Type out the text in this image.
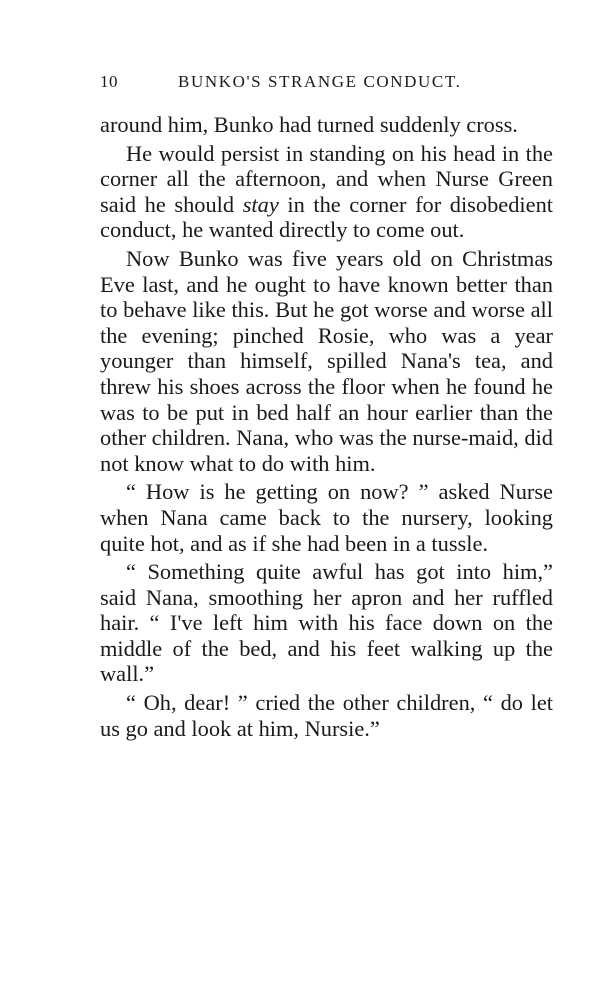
10	BUNKO'S STRANGE CONDUCT.

around him, Bunko had turned suddenly cross.

He would persist in standing on his head in the corner all the afternoon, and when Nurse Green said he should stay in the corner for disobedient conduct, he wanted directly to come out.

Now Bunko was five years old on Christmas Eve last, and he ought to have known better than to behave like this. But he got worse and worse all the evening; pinched Rosie, who was a year younger than himself, spilled Nana's tea, and threw his shoes across the floor when he found he was to be put in bed half an hour earlier than the other children. Nana, who was the nurse-maid, did not know what to do with him.

“ How is he getting on now? ” asked Nurse when Nana came back to the nursery, looking quite hot, and as if she had been in a tussle.

“ Something quite awful has got into him,” said Nana, smoothing her apron and her ruffled hair. “ I've left him with his face down on the middle of the bed, and his feet walking up the wall.”

“ Oh, dear! ” cried the other children, “ do let us go and look at him, Nursie.”
